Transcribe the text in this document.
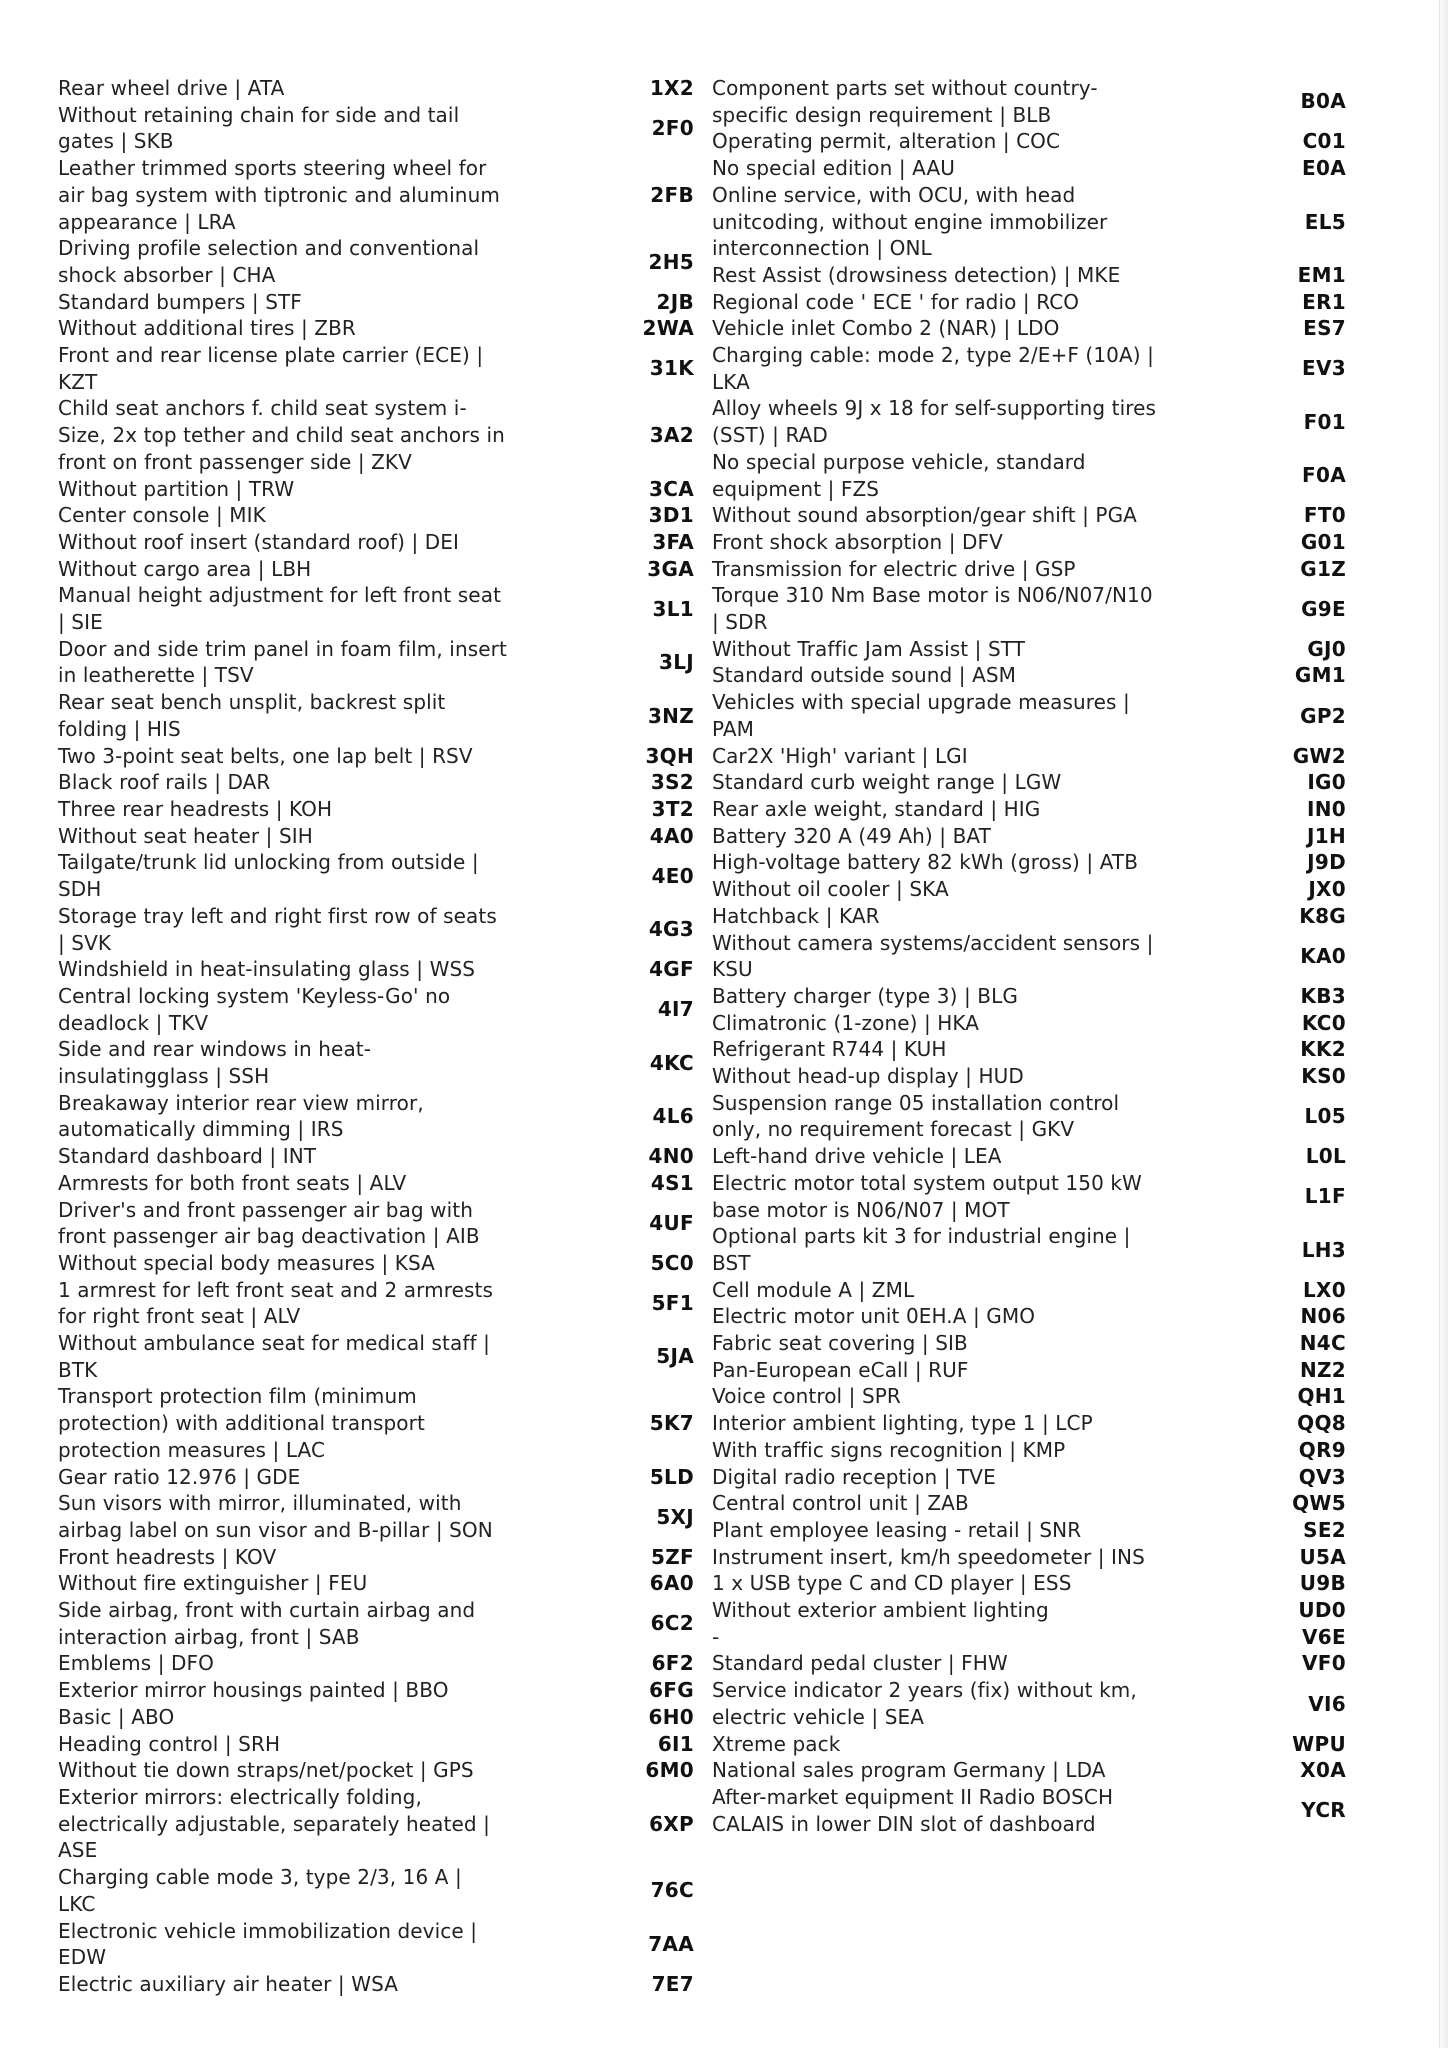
Rear wheel drive | ATA	1X2
Without retaining chain for side and tail
gates | SKB
2F0
Leather trimmed sports steering wheel for
air bag system with tiptronic and aluminum
appearance | LRA
2FB
Driving profile selection and conventional
shock absorber | CHA
2H5
Standard bumpers | STF	2JB
Without additional tires | ZBR	2WA
Front and rear license plate carrier (ECE) |
KZT
31K
Child seat anchors f. child seat system i-
Size, 2x top tether and child seat anchors in
front on front passenger side | ZKV
3A2
Without partition | TRW	3CA
Center console | MIK	3D1
Without roof insert (standard roof) | DEI	3FA
Without cargo area | LBH	3GA
Manual height adjustment for left front seat
| SIE
3L1
Door and side trim panel in foam film, insert
in leatherette | TSV
3LJ
Rear seat bench unsplit, backrest split
folding | HIS
3NZ
Two 3-point seat belts, one lap belt | RSV	3QH
Black roof rails | DAR	3S2
Three rear headrests | KOH	3T2
Without seat heater | SIH	4A0
Tailgate/trunk lid unlocking from outside |
SDH
4E0
Storage tray left and right first row of seats
| SVK
4G3
Windshield in heat-insulating glass | WSS	4GF
Central locking system 'Keyless-Go' no
deadlock | TKV
4I7
Side and rear windows in heat-
insulatingglass | SSH
4KC
Breakaway interior rear view mirror,
automatically dimming | IRS
4L6
Standard dashboard | INT	4N0
Armrests for both front seats | ALV	4S1
Driver's and front passenger air bag with
front passenger air bag deactivation | AIB
4UF
Without special body measures | KSA	5C0
1 armrest for left front seat and 2 armrests
for right front seat | ALV
5F1
Without ambulance seat for medical staff |
BTK
5JA
Transport protection film (minimum
protection) with additional transport
protection measures | LAC
5K7
Gear ratio 12.976 | GDE	5LD
Sun visors with mirror, illuminated, with
airbag label on sun visor and B-pillar | SON
5XJ
Front headrests | KOV	5ZF
Without fire extinguisher | FEU	6A0
Side airbag, front with curtain airbag and
interaction airbag, front | SAB
6C2
Emblems | DFO	6F2
Exterior mirror housings painted | BBO	6FG
Basic | ABO	6H0
Heading control | SRH	6I1
Without tie down straps/net/pocket | GPS	6M0
Exterior mirrors: electrically folding,
electrically adjustable, separately heated |
ASE
6XP
Charging cable mode 3, type 2/3, 16 A |
LKC
76C
Electronic vehicle immobilization device |
EDW
7AA
Electric auxiliary air heater | WSA	7E7
Component parts set without country-
specific design requirement | BLB
B0A
Operating permit, alteration | COC	C01
No special edition | AAU	E0A
Online service, with OCU, with head
unitcoding, without engine immobilizer
interconnection | ONL
EL5
Rest Assist (drowsiness detection) | MKE	EM1
Regional code ' ECE ' for radio | RCO	ER1
Vehicle inlet Combo 2 (NAR) | LDO	ES7
Charging cable: mode 2, type 2/E+F (10A) |
LKA
EV3
Alloy wheels 9J x 18 for self-supporting tires
(SST) | RAD
F01
No special purpose vehicle, standard
equipment | FZS
F0A
Without sound absorption/gear shift | PGA	FT0
Front shock absorption | DFV	G01
Transmission for electric drive | GSP	G1Z
Torque 310 Nm Base motor is N06/N07/N10
| SDR
G9E
Without Traffic Jam Assist | STT	GJ0
Standard outside sound | ASM	GM1
Vehicles with special upgrade measures |
PAM
GP2
Car2X 'High' variant | LGI	GW2
Standard curb weight range | LGW	IG0
Rear axle weight, standard | HIG	IN0
Battery 320 A (49 Ah) | BAT	J1H
High-voltage battery 82 kWh (gross) | ATB	J9D
Without oil cooler | SKA	JX0
Hatchback | KAR	K8G
Without camera systems/accident sensors |
KSU
KA0
Battery charger (type 3) | BLG	KB3
Climatronic (1-zone) | HKA	KC0
Refrigerant R744 | KUH	KK2
Without head-up display | HUD	KS0
Suspension range 05 installation control
only, no requirement forecast | GKV
L05
Left-hand drive vehicle | LEA	L0L
Electric motor total system output 150 kW
base motor is N06/N07 | MOT
L1F
Optional parts kit 3 for industrial engine |
BST
LH3
Cell module A | ZML	LX0
Electric motor unit 0EH.A | GMO	N06
Fabric seat covering | SIB	N4C
Pan-European eCall | RUF	NZ2
Voice control | SPR	QH1
Interior ambient lighting, type 1 | LCP	QQ8
With traffic signs recognition | KMP	QR9
Digital radio reception | TVE	QV3
Central control unit | ZAB	QW5
Plant employee leasing - retail | SNR	SE2
Instrument insert, km/h speedometer | INS	U5A
1 x USB type C and CD player | ESS	U9B
Without exterior ambient lighting	UD0
-	V6E
Standard pedal cluster | FHW	VF0
Service indicator 2 years (fix) without km,
electric vehicle | SEA
VI6
Xtreme pack	WPU
National sales program Germany | LDA	X0A
After-market equipment II Radio BOSCH
CALAIS in lower DIN slot of dashboard
YCR
